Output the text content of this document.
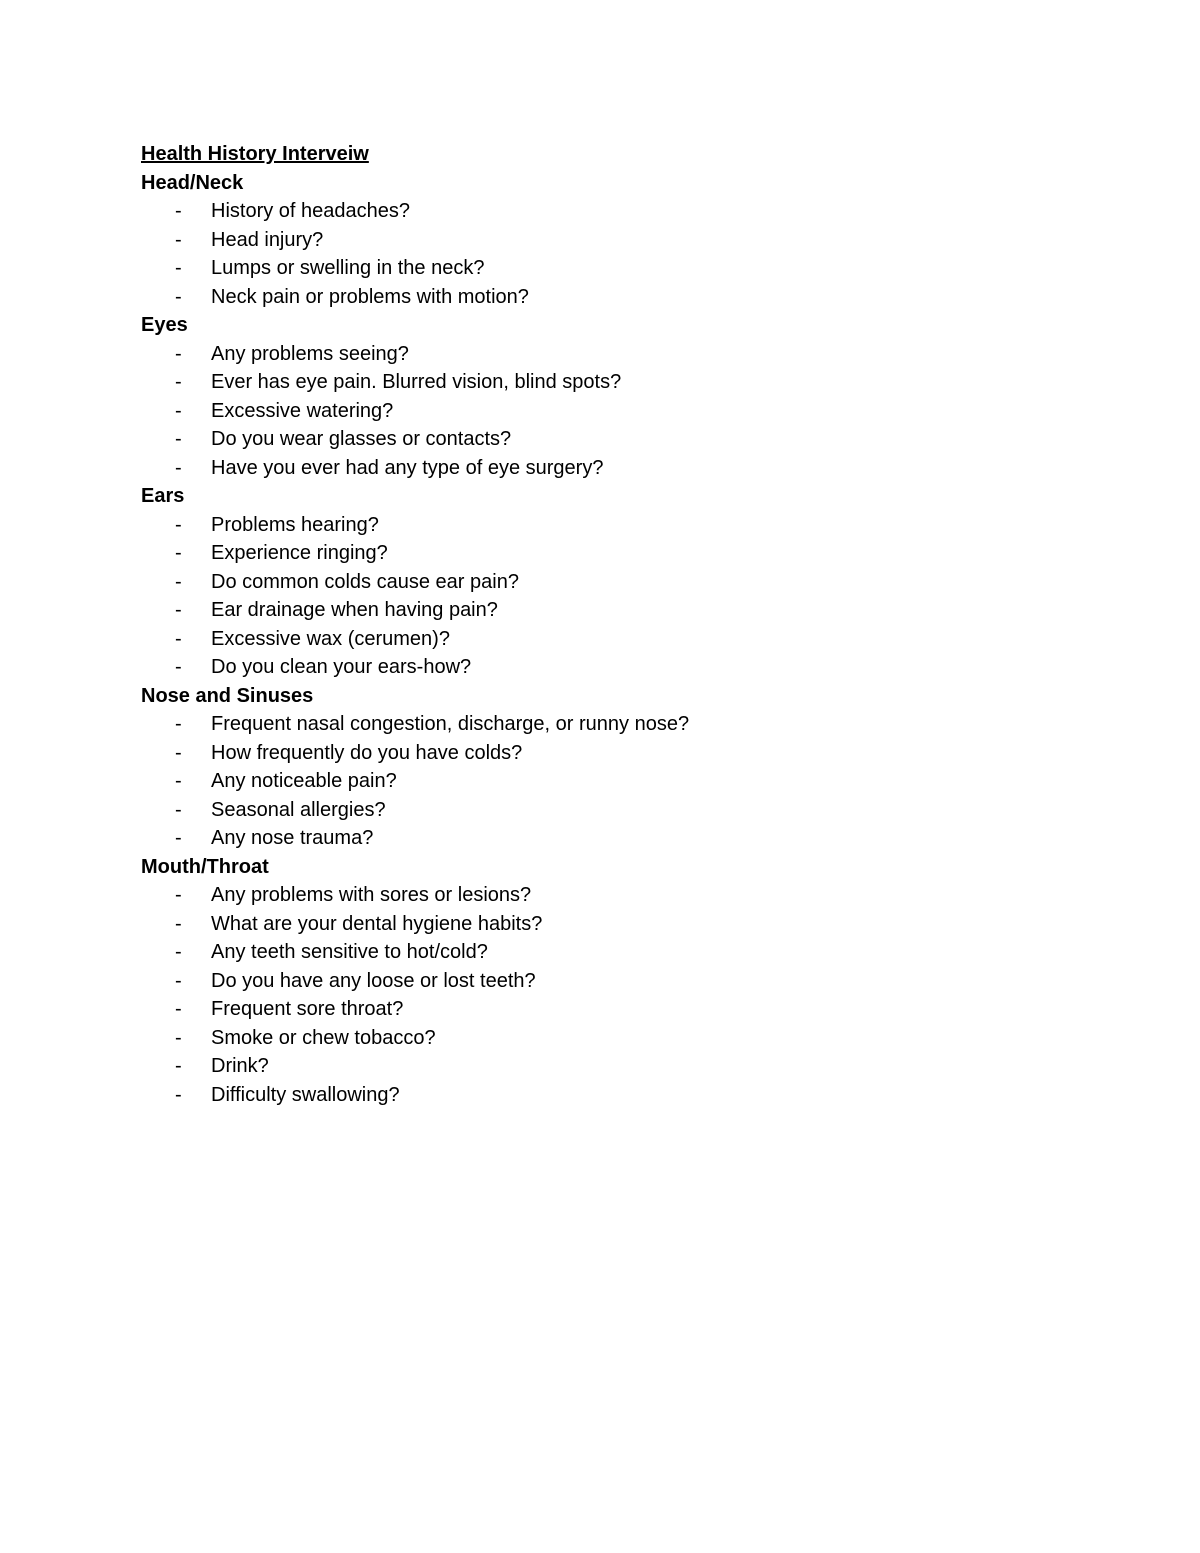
Health History Interveiw
Head/Neck
- History of headaches?
- Head injury?
- Lumps or swelling in the neck?
- Neck pain or problems with motion?
Eyes
- Any problems seeing?
- Ever has eye pain. Blurred vision, blind spots?
- Excessive watering?
- Do you wear glasses or contacts?
- Have you ever had any type of eye surgery?
Ears
- Problems hearing?
- Experience ringing?
- Do common colds cause ear pain?
- Ear drainage when having pain?
- Excessive wax (cerumen)?
- Do you clean your ears-how?
Nose and Sinuses
- Frequent nasal congestion, discharge, or runny nose?
- How frequently do you have colds?
- Any noticeable pain?
- Seasonal allergies?
- Any nose trauma?
Mouth/Throat
- Any problems with sores or lesions?
- What are your dental hygiene habits?
- Any teeth sensitive to hot/cold?
- Do you have any loose or lost teeth?
- Frequent sore throat?
- Smoke or chew tobacco?
- Drink?
- Difficulty swallowing?
